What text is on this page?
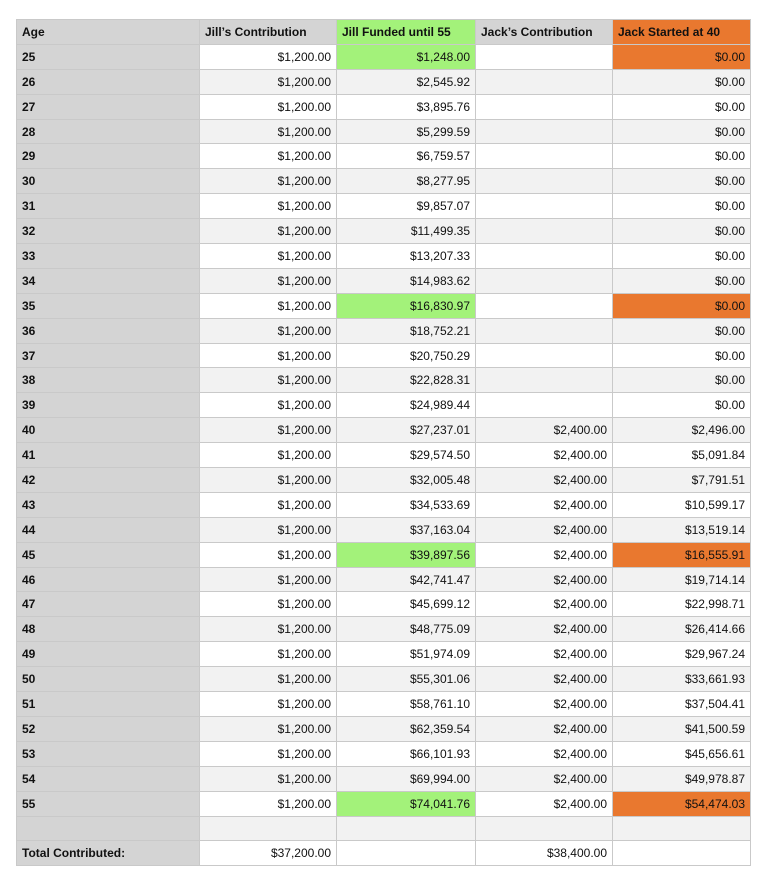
Age	Jill’s Contribution	Jill Funded until 55	Jack’s Contribution	Jack Started at 40
25	$1,200.00	$1,248.00		$0.00
26	$1,200.00	$2,545.92		$0.00
27	$1,200.00	$3,895.76		$0.00
28	$1,200.00	$5,299.59		$0.00
29	$1,200.00	$6,759.57		$0.00
30	$1,200.00	$8,277.95		$0.00
31	$1,200.00	$9,857.07		$0.00
32	$1,200.00	$11,499.35		$0.00
33	$1,200.00	$13,207.33		$0.00
34	$1,200.00	$14,983.62		$0.00
35	$1,200.00	$16,830.97		$0.00
36	$1,200.00	$18,752.21		$0.00
37	$1,200.00	$20,750.29		$0.00
38	$1,200.00	$22,828.31		$0.00
39	$1,200.00	$24,989.44		$0.00
40	$1,200.00	$27,237.01	$2,400.00	$2,496.00
41	$1,200.00	$29,574.50	$2,400.00	$5,091.84
42	$1,200.00	$32,005.48	$2,400.00	$7,791.51
43	$1,200.00	$34,533.69	$2,400.00	$10,599.17
44	$1,200.00	$37,163.04	$2,400.00	$13,519.14
45	$1,200.00	$39,897.56	$2,400.00	$16,555.91
46	$1,200.00	$42,741.47	$2,400.00	$19,714.14
47	$1,200.00	$45,699.12	$2,400.00	$22,998.71
48	$1,200.00	$48,775.09	$2,400.00	$26,414.66
49	$1,200.00	$51,974.09	$2,400.00	$29,967.24
50	$1,200.00	$55,301.06	$2,400.00	$33,661.93
51	$1,200.00	$58,761.10	$2,400.00	$37,504.41
52	$1,200.00	$62,359.54	$2,400.00	$41,500.59
53	$1,200.00	$66,101.93	$2,400.00	$45,656.61
54	$1,200.00	$69,994.00	$2,400.00	$49,978.87
55	$1,200.00	$74,041.76	$2,400.00	$54,474.03

Total Contributed:	$37,200.00		$38,400.00	
